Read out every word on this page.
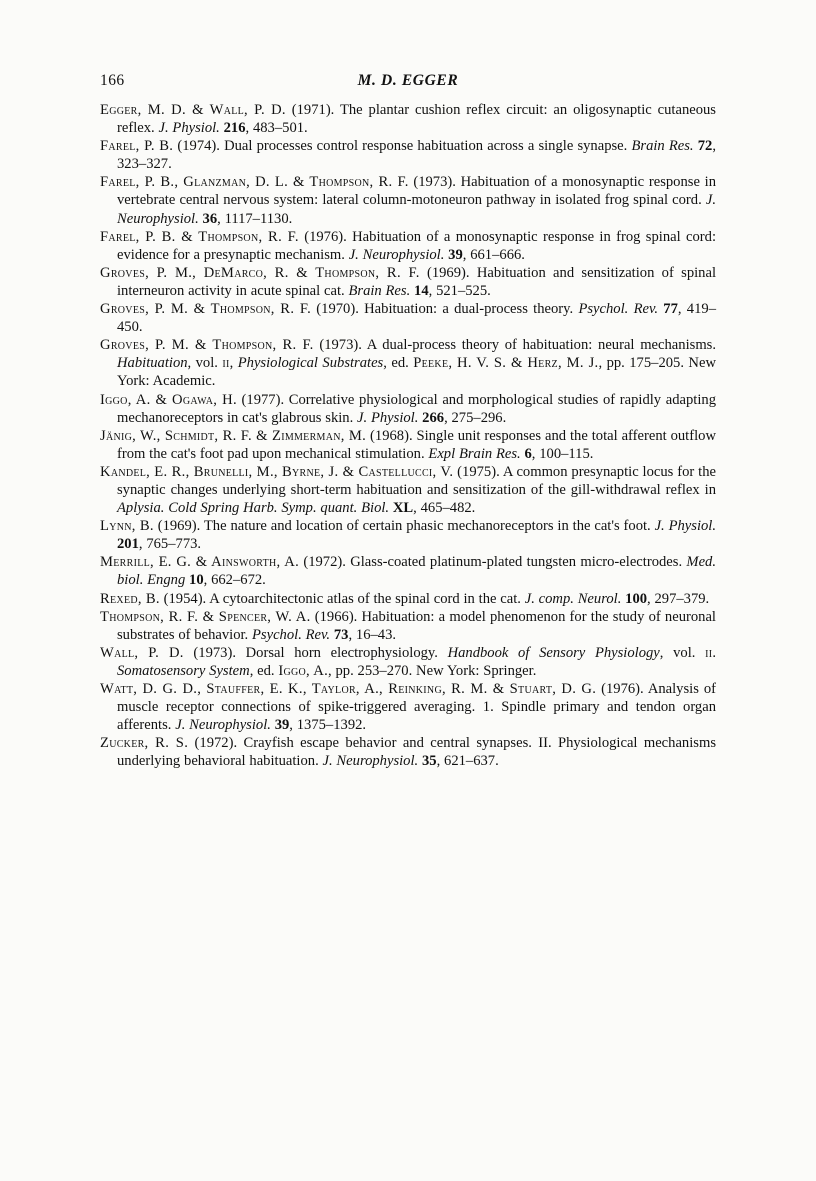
166	M. D. EGGER

Egger, M. D. & Wall, P. D. (1971). The plantar cushion reflex circuit: an oligosynaptic cutaneous reflex. J. Physiol. 216, 483–501.

Farel, P. B. (1974). Dual processes control response habituation across a single synapse. Brain Res. 72, 323–327.

Farel, P. B., Glanzman, D. L. & Thompson, R. F. (1973). Habituation of a monosynaptic response in vertebrate central nervous system: lateral column-motoneuron pathway in isolated frog spinal cord. J. Neurophysiol. 36, 1117–1130.

Farel, P. B. & Thompson, R. F. (1976). Habituation of a monosynaptic response in frog spinal cord: evidence for a presynaptic mechanism. J. Neurophysiol. 39, 661–666.

Groves, P. M., DeMarco, R. & Thompson, R. F. (1969). Habituation and sensitization of spinal interneuron activity in acute spinal cat. Brain Res. 14, 521–525.

Groves, P. M. & Thompson, R. F. (1970). Habituation: a dual-process theory. Psychol. Rev. 77, 419–450.

Groves, P. M. & Thompson, R. F. (1973). A dual-process theory of habituation: neural mechanisms. Habituation, vol. ii, Physiological Substrates, ed. Peeke, H. V. S. & Herz, M. J., pp. 175–205. New York: Academic.

Iggo, A. & Ogawa, H. (1977). Correlative physiological and morphological studies of rapidly adapting mechanoreceptors in cat's glabrous skin. J. Physiol. 266, 275–296.

Jänig, W., Schmidt, R. F. & Zimmerman, M. (1968). Single unit responses and the total afferent outflow from the cat's foot pad upon mechanical stimulation. Expl Brain Res. 6, 100–115.

Kandel, E. R., Brunelli, M., Byrne, J. & Castellucci, V. (1975). A common presynaptic locus for the synaptic changes underlying short-term habituation and sensitization of the gill-withdrawal reflex in Aplysia. Cold Spring Harb. Symp. quant. Biol. XL, 465–482.

Lynn, B. (1969). The nature and location of certain phasic mechanoreceptors in the cat's foot. J. Physiol. 201, 765–773.

Merrill, E. G. & Ainsworth, A. (1972). Glass-coated platinum-plated tungsten micro-electrodes. Med. biol. Engng 10, 662–672.

Rexed, B. (1954). A cytoarchitectonic atlas of the spinal cord in the cat. J. comp. Neurol. 100, 297–379.

Thompson, R. F. & Spencer, W. A. (1966). Habituation: a model phenomenon for the study of neuronal substrates of behavior. Psychol. Rev. 73, 16–43.

Wall, P. D. (1973). Dorsal horn electrophysiology. Handbook of Sensory Physiology, vol. ii. Somatosensory System, ed. Iggo, A., pp. 253–270. New York: Springer.

Watt, D. G. D., Stauffer, E. K., Taylor, A., Reinking, R. M. & Stuart, D. G. (1976). Analysis of muscle receptor connections of spike-triggered averaging. 1. Spindle primary and tendon organ afferents. J. Neurophysiol. 39, 1375–1392.

Zucker, R. S. (1972). Crayfish escape behavior and central synapses. II. Physiological mechanisms underlying behavioral habituation. J. Neurophysiol. 35, 621–637.
